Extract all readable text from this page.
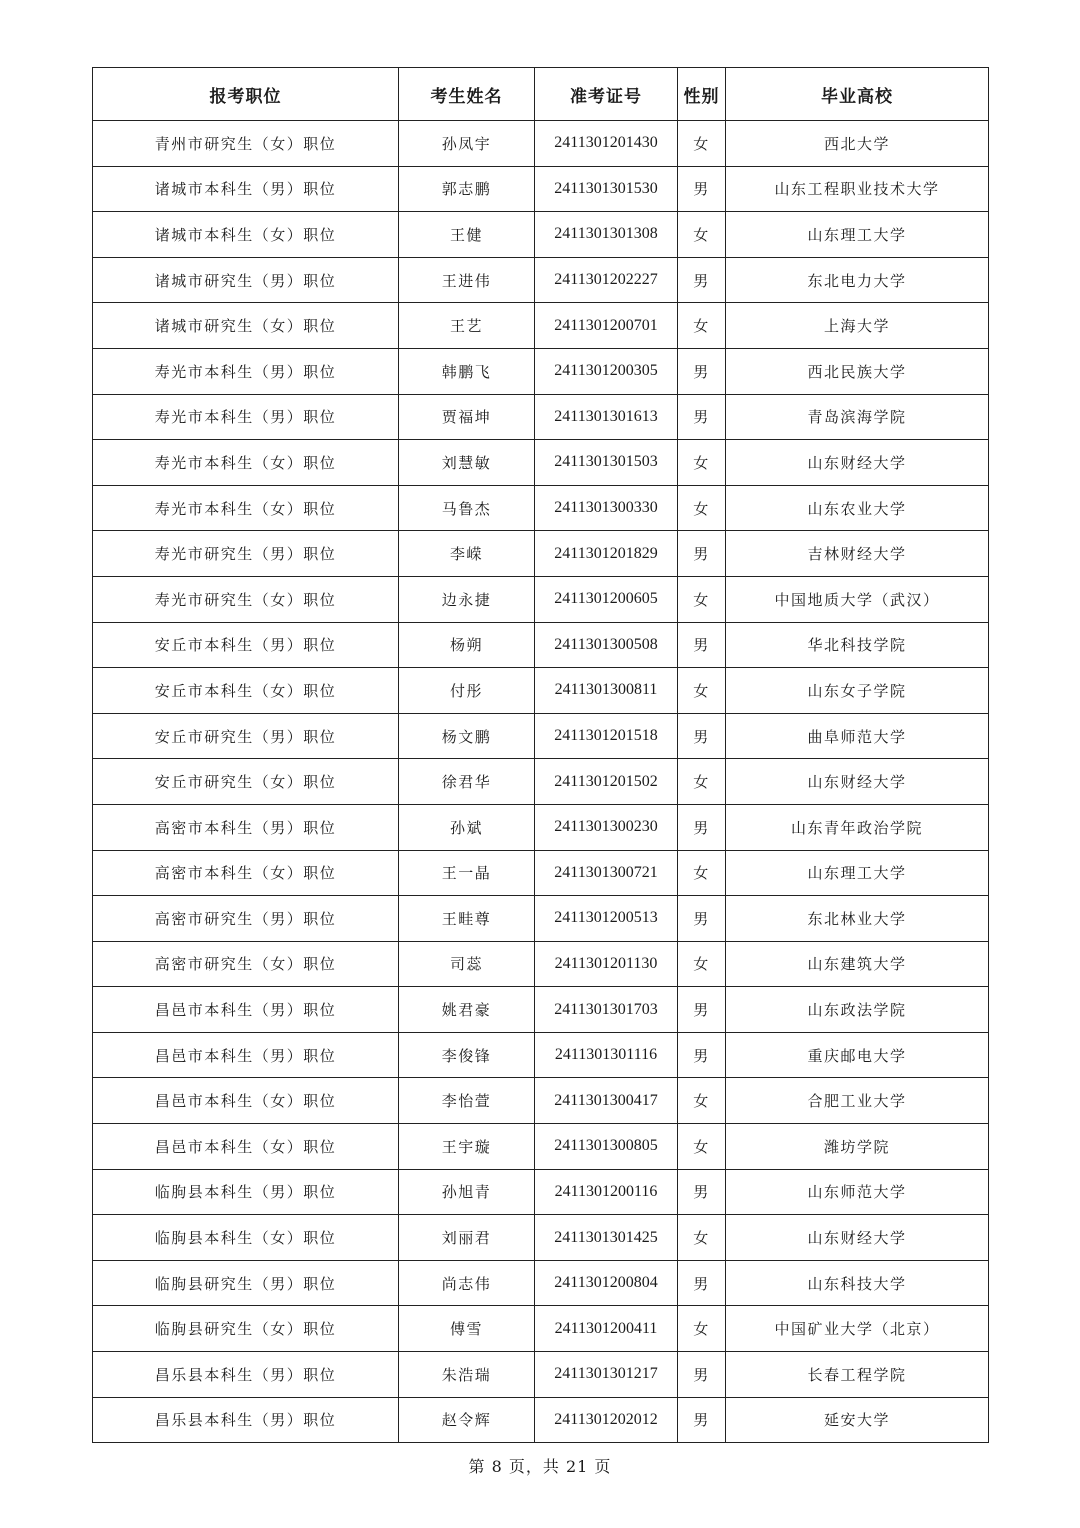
报考职位	考生姓名	准考证号	性别	毕业高校
青州市研究生（女）职位	孙凤宇	2411301201430	女	西北大学
诸城市本科生（男）职位	郭志鹏	2411301301530	男	山东工程职业技术大学
诸城市本科生（女）职位	王健	2411301301308	女	山东理工大学
诸城市研究生（男）职位	王进伟	2411301202227	男	东北电力大学
诸城市研究生（女）职位	王艺	2411301200701	女	上海大学
寿光市本科生（男）职位	韩鹏飞	2411301200305	男	西北民族大学
寿光市本科生（男）职位	贾福坤	2411301301613	男	青岛滨海学院
寿光市本科生（女）职位	刘慧敏	2411301301503	女	山东财经大学
寿光市本科生（女）职位	马鲁杰	2411301300330	女	山东农业大学
寿光市研究生（男）职位	李嵘	2411301201829	男	吉林财经大学
寿光市研究生（女）职位	边永捷	2411301200605	女	中国地质大学（武汉）
安丘市本科生（男）职位	杨朔	2411301300508	男	华北科技学院
安丘市本科生（女）职位	付彤	2411301300811	女	山东女子学院
安丘市研究生（男）职位	杨文鹏	2411301201518	男	曲阜师范大学
安丘市研究生（女）职位	徐君华	2411301201502	女	山东财经大学
高密市本科生（男）职位	孙斌	2411301300230	男	山东青年政治学院
高密市本科生（女）职位	王一晶	2411301300721	女	山东理工大学
高密市研究生（男）职位	王畦尊	2411301200513	男	东北林业大学
高密市研究生（女）职位	司蕊	2411301201130	女	山东建筑大学
昌邑市本科生（男）职位	姚君豪	2411301301703	男	山东政法学院
昌邑市本科生（男）职位	李俊锋	2411301301116	男	重庆邮电大学
昌邑市本科生（女）职位	李怡萱	2411301300417	女	合肥工业大学
昌邑市本科生（女）职位	王宇璇	2411301300805	女	潍坊学院
临朐县本科生（男）职位	孙旭青	2411301200116	男	山东师范大学
临朐县本科生（女）职位	刘丽君	2411301301425	女	山东财经大学
临朐县研究生（男）职位	尚志伟	2411301200804	男	山东科技大学
临朐县研究生（女）职位	傅雪	2411301200411	女	中国矿业大学（北京）
昌乐县本科生（男）职位	朱浩瑞	2411301301217	男	长春工程学院
昌乐县本科生（男）职位	赵令辉	2411301202012	男	延安大学
第 8 页，共 21 页
